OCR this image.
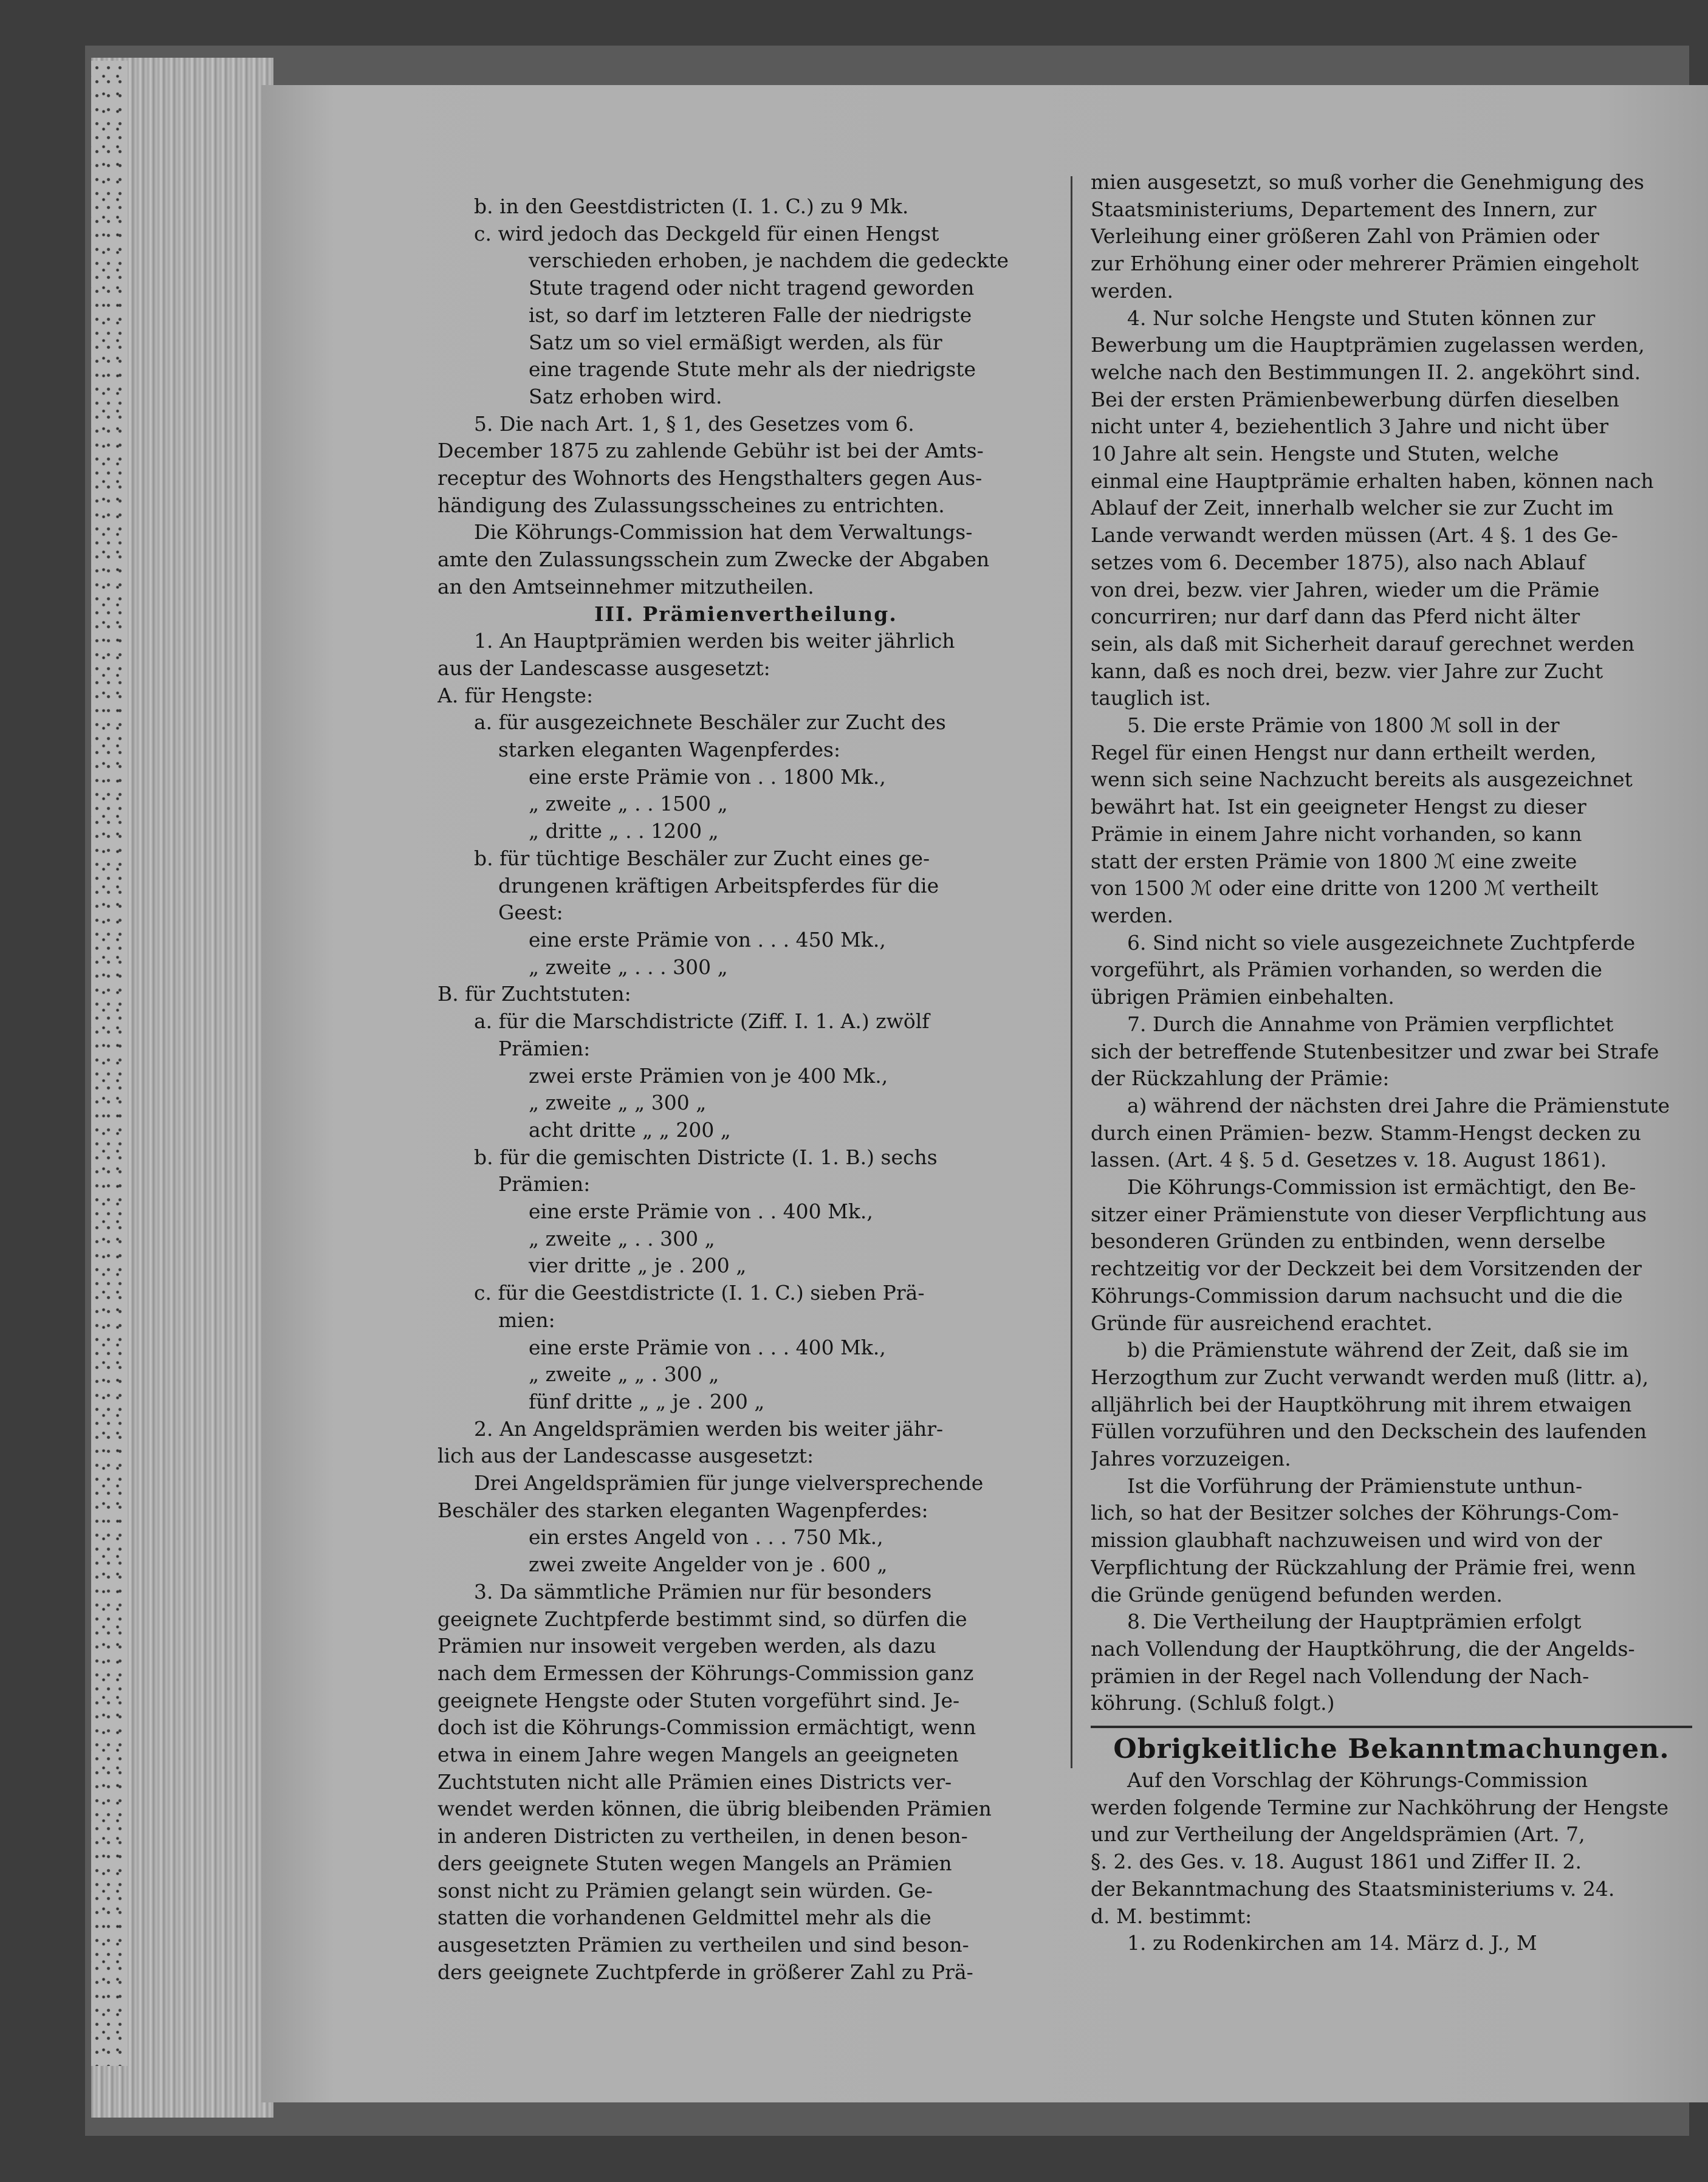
b. in den Geestdistricten (I. 1. C.) zu 9 Mk.
c. wird jedoch das Deckgeld für einen Hengst
verschieden erhoben, je nachdem die gedeckte
Stute tragend oder nicht tragend geworden
ist, so darf im letzteren Falle der niedrigste
Satz um so viel ermäßigt werden, als für
eine tragende Stute mehr als der niedrigste
Satz erhoben wird.
5. Die nach Art. 1, § 1, des Gesetzes vom 6.
December 1875 zu zahlende Gebühr ist bei der Amts-
receptur des Wohnorts des Hengsthalters gegen Aus-
händigung des Zulassungsscheines zu entrichten.
Die Köhrungs-Commission hat dem Verwaltungs-
amte den Zulassungsschein zum Zwecke der Abgaben
an den Amtseinnehmer mitzutheilen.
III. Prämienvertheilung.
1. An Hauptprämien werden bis weiter jährlich
aus der Landescasse ausgesetzt:
A. für Hengste:
a. für ausgezeichnete Beschäler zur Zucht des
starken eleganten Wagenpferdes:
eine erste Prämie von . . 1800 Mk.,
„ zweite „ . . 1500 „
„ dritte „ . . 1200 „
b. für tüchtige Beschäler zur Zucht eines ge-
drungenen kräftigen Arbeitspferdes für die
Geest:
eine erste Prämie von . . . 450 Mk.,
„ zweite „ . . . 300 „
B. für Zuchtstuten:
a. für die Marschdistricte (Ziff. I. 1. A.) zwölf
Prämien:
zwei erste Prämien von je 400 Mk.,
„ zweite „ „ 300 „
acht dritte „ „ 200 „
b. für die gemischten Districte (I. 1. B.) sechs
Prämien:
eine erste Prämie von . . 400 Mk.,
„ zweite „ . . 300 „
vier dritte „ je . 200 „
c. für die Geestdistricte (I. 1. C.) sieben Prä-
mien:
eine erste Prämie von . . . 400 Mk.,
„ zweite „ „ . 300 „
fünf dritte „ „ je . 200 „
2. An Angeldsprämien werden bis weiter jähr-
lich aus der Landescasse ausgesetzt:
Drei Angeldsprämien für junge vielversprechende
Beschäler des starken eleganten Wagenpferdes:
ein erstes Angeld von . . . 750 Mk.,
zwei zweite Angelder von je . 600 „
3. Da sämmtliche Prämien nur für besonders
geeignete Zuchtpferde bestimmt sind, so dürfen die
Prämien nur insoweit vergeben werden, als dazu
nach dem Ermessen der Köhrungs-Commission ganz
geeignete Hengste oder Stuten vorgeführt sind. Je-
doch ist die Köhrungs-Commission ermächtigt, wenn
etwa in einem Jahre wegen Mangels an geeigneten
Zuchtstuten nicht alle Prämien eines Districts ver-
wendet werden können, die übrig bleibenden Prämien
in anderen Districten zu vertheilen, in denen beson-
ders geeignete Stuten wegen Mangels an Prämien
sonst nicht zu Prämien gelangt sein würden. Ge-
statten die vorhandenen Geldmittel mehr als die
ausgesetzten Prämien zu vertheilen und sind beson-
ders geeignete Zuchtpferde in größerer Zahl zu Prä-
mien ausgesetzt, so muß vorher die Genehmigung des
Staatsministeriums, Departement des Innern, zur
Verleihung einer größeren Zahl von Prämien oder
zur Erhöhung einer oder mehrerer Prämien eingeholt
werden.
4. Nur solche Hengste und Stuten können zur
Bewerbung um die Hauptprämien zugelassen werden,
welche nach den Bestimmungen II. 2. angeköhrt sind.
Bei der ersten Prämienbewerbung dürfen dieselben
nicht unter 4, beziehentlich 3 Jahre und nicht über
10 Jahre alt sein. Hengste und Stuten, welche
einmal eine Hauptprämie erhalten haben, können nach
Ablauf der Zeit, innerhalb welcher sie zur Zucht im
Lande verwandt werden müssen (Art. 4 §. 1 des Ge-
setzes vom 6. December 1875), also nach Ablauf
von drei, bezw. vier Jahren, wieder um die Prämie
concurriren; nur darf dann das Pferd nicht älter
sein, als daß mit Sicherheit darauf gerechnet werden
kann, daß es noch drei, bezw. vier Jahre zur Zucht
tauglich ist.
5. Die erste Prämie von 1800 ℳ soll in der
Regel für einen Hengst nur dann ertheilt werden,
wenn sich seine Nachzucht bereits als ausgezeichnet
bewährt hat. Ist ein geeigneter Hengst zu dieser
Prämie in einem Jahre nicht vorhanden, so kann
statt der ersten Prämie von 1800 ℳ eine zweite
von 1500 ℳ oder eine dritte von 1200 ℳ vertheilt
werden.
6. Sind nicht so viele ausgezeichnete Zuchtpferde
vorgeführt, als Prämien vorhanden, so werden die
übrigen Prämien einbehalten.
7. Durch die Annahme von Prämien verpflichtet
sich der betreffende Stutenbesitzer und zwar bei Strafe
der Rückzahlung der Prämie:
a) während der nächsten drei Jahre die Prämienstute
durch einen Prämien- bezw. Stamm-Hengst decken zu
lassen. (Art. 4 §. 5 d. Gesetzes v. 18. August 1861).
Die Köhrungs-Commission ist ermächtigt, den Be-
sitzer einer Prämienstute von dieser Verpflichtung aus
besonderen Gründen zu entbinden, wenn derselbe
rechtzeitig vor der Deckzeit bei dem Vorsitzenden der
Köhrungs-Commission darum nachsucht und die die
Gründe für ausreichend erachtet.
b) die Prämienstute während der Zeit, daß sie im
Herzogthum zur Zucht verwandt werden muß (littr. a),
alljährlich bei der Hauptköhrung mit ihrem etwaigen
Füllen vorzuführen und den Deckschein des laufenden
Jahres vorzuzeigen.
Ist die Vorführung der Prämienstute unthun-
lich, so hat der Besitzer solches der Köhrungs-Com-
mission glaubhaft nachzuweisen und wird von der
Verpflichtung der Rückzahlung der Prämie frei, wenn
die Gründe genügend befunden werden.
8. Die Vertheilung der Hauptprämien erfolgt
nach Vollendung der Hauptköhrung, die der Angelds-
prämien in der Regel nach Vollendung der Nach-
köhrung. (Schluß folgt.)
Obrigkeitliche Bekanntmachungen.
Auf den Vorschlag der Köhrungs-Commission
werden folgende Termine zur Nachköhrung der Hengste
und zur Vertheilung der Angeldsprämien (Art. 7,
§. 2. des Ges. v. 18. August 1861 und Ziffer II. 2.
der Bekanntmachung des Staatsministeriums v. 24.
d. M. bestimmt:
1. zu Rodenkirchen am 14. März d. J., M
